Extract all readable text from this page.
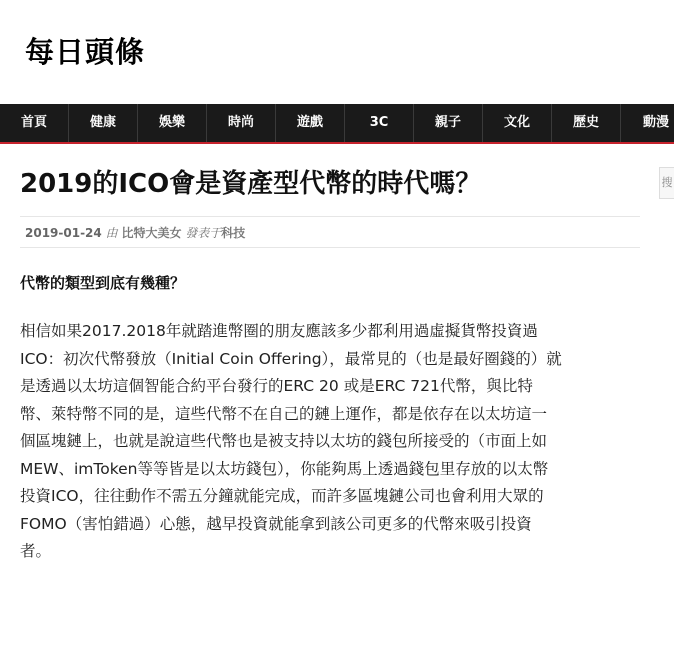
每日頭條
首頁	健康	娛樂	時尚	遊戲	3C	親子	文化	歷史	動漫
2019的ICO會是資產型代幣的時代嗎？
2019-01-24 由 比特大美女 發表于科技
代幣的類型到底有幾種？
相信如果2017.2018年就踏進幣圈的朋友應該多少都利用過虛擬貨幣投資過
ICO：初次代幣發放（Initial Coin Offering），最常見的（也是最好圈錢的）就
是透過以太坊這個智能合約平台發行的ERC 20 或是ERC 721代幣，與比特
幣、萊特幣不同的是，這些代幣不在自己的鏈上運作，都是依存在以太坊這一
個區塊鏈上，也就是說這些代幣也是被支持以太坊的錢包所接受的（市面上如
MEW、imToken等等皆是以太坊錢包），你能夠馬上透過錢包里存放的以太幣
投資ICO，往往動作不需五分鐘就能完成，而許多區塊鏈公司也會利用大眾的
FOMO（害怕錯過）心態，越早投資就能拿到該公司更多的代幣來吸引投資
者。
搜
